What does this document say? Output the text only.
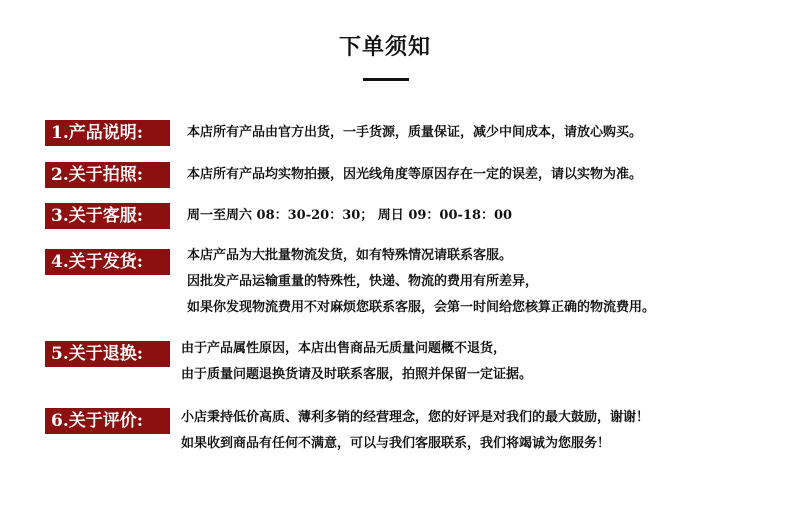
下单须知
1.产品说明:	本店所有产品由官方出货，一手货源，质量保证，减少中间成本，请放心购买。
2.关于拍照:	本店所有产品均实物拍摄，因光线角度等原因存在一定的误差，请以实物为准。
3.关于客服:	周一至周六 08：30-20：30； 周日 09：00-18：00
4.关于发货:	本店产品为大批量物流发货，如有特殊情况请联系客服。
因批发产品运输重量的特殊性，快递、物流的费用有所差异，
如果你发现物流费用不对麻烦您联系客服，会第一时间给您核算正确的物流费用。
5.关于退换:	由于产品属性原因，本店出售商品无质量问题概不退货，
由于质量问题退换货请及时联系客服，拍照并保留一定证据。
6.关于评价:	小店秉持低价高质、薄利多销的经营理念，您的好评是对我们的最大鼓励，谢谢！
如果收到商品有任何不满意，可以与我们客服联系，我们将竭诚为您服务！
